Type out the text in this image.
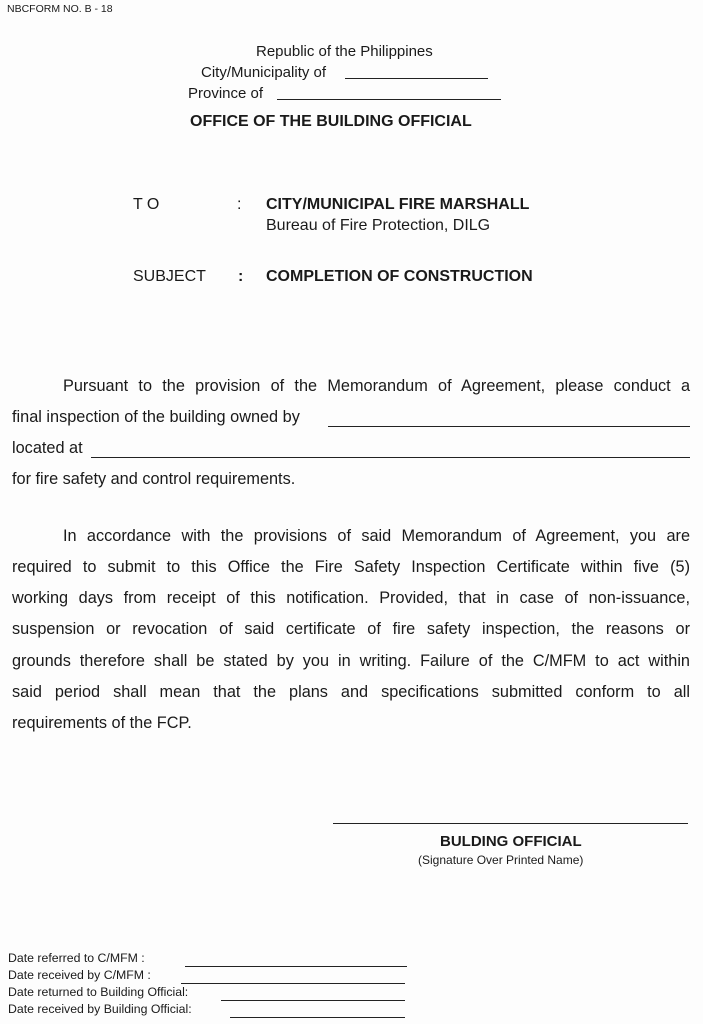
NBCFORM NO. B - 18
Republic of the Philippines
City/Municipality of
Province of
OFFICE OF THE BUILDING OFFICIAL
T O	: CITY/MUNICIPAL FIRE MARSHALL
Bureau of Fire Protection, DILG
SUBJECT : COMPLETION OF CONSTRUCTION
Pursuant to the provision of the Memorandum of Agreement, please conduct a
final inspection of the building owned by
located at
for fire safety and control requirements.
In accordance with the provisions of said Memorandum of Agreement, you are
required to submit to this Office the Fire Safety Inspection Certificate within five (5)
working days from receipt of this notification. Provided, that in case of non-issuance,
suspension or revocation of said certificate of fire safety inspection, the reasons or
grounds therefore shall be stated by you in writing. Failure of the C/MFM to act within
said period shall mean that the plans and specifications submitted conform to all
requirements of the FCP.
BULDING OFFICIAL
(Signature Over Printed Name)
Date referred to C/MFM :
Date received by C/MFM :
Date returned to Building Official:
Date received by Building Official:
